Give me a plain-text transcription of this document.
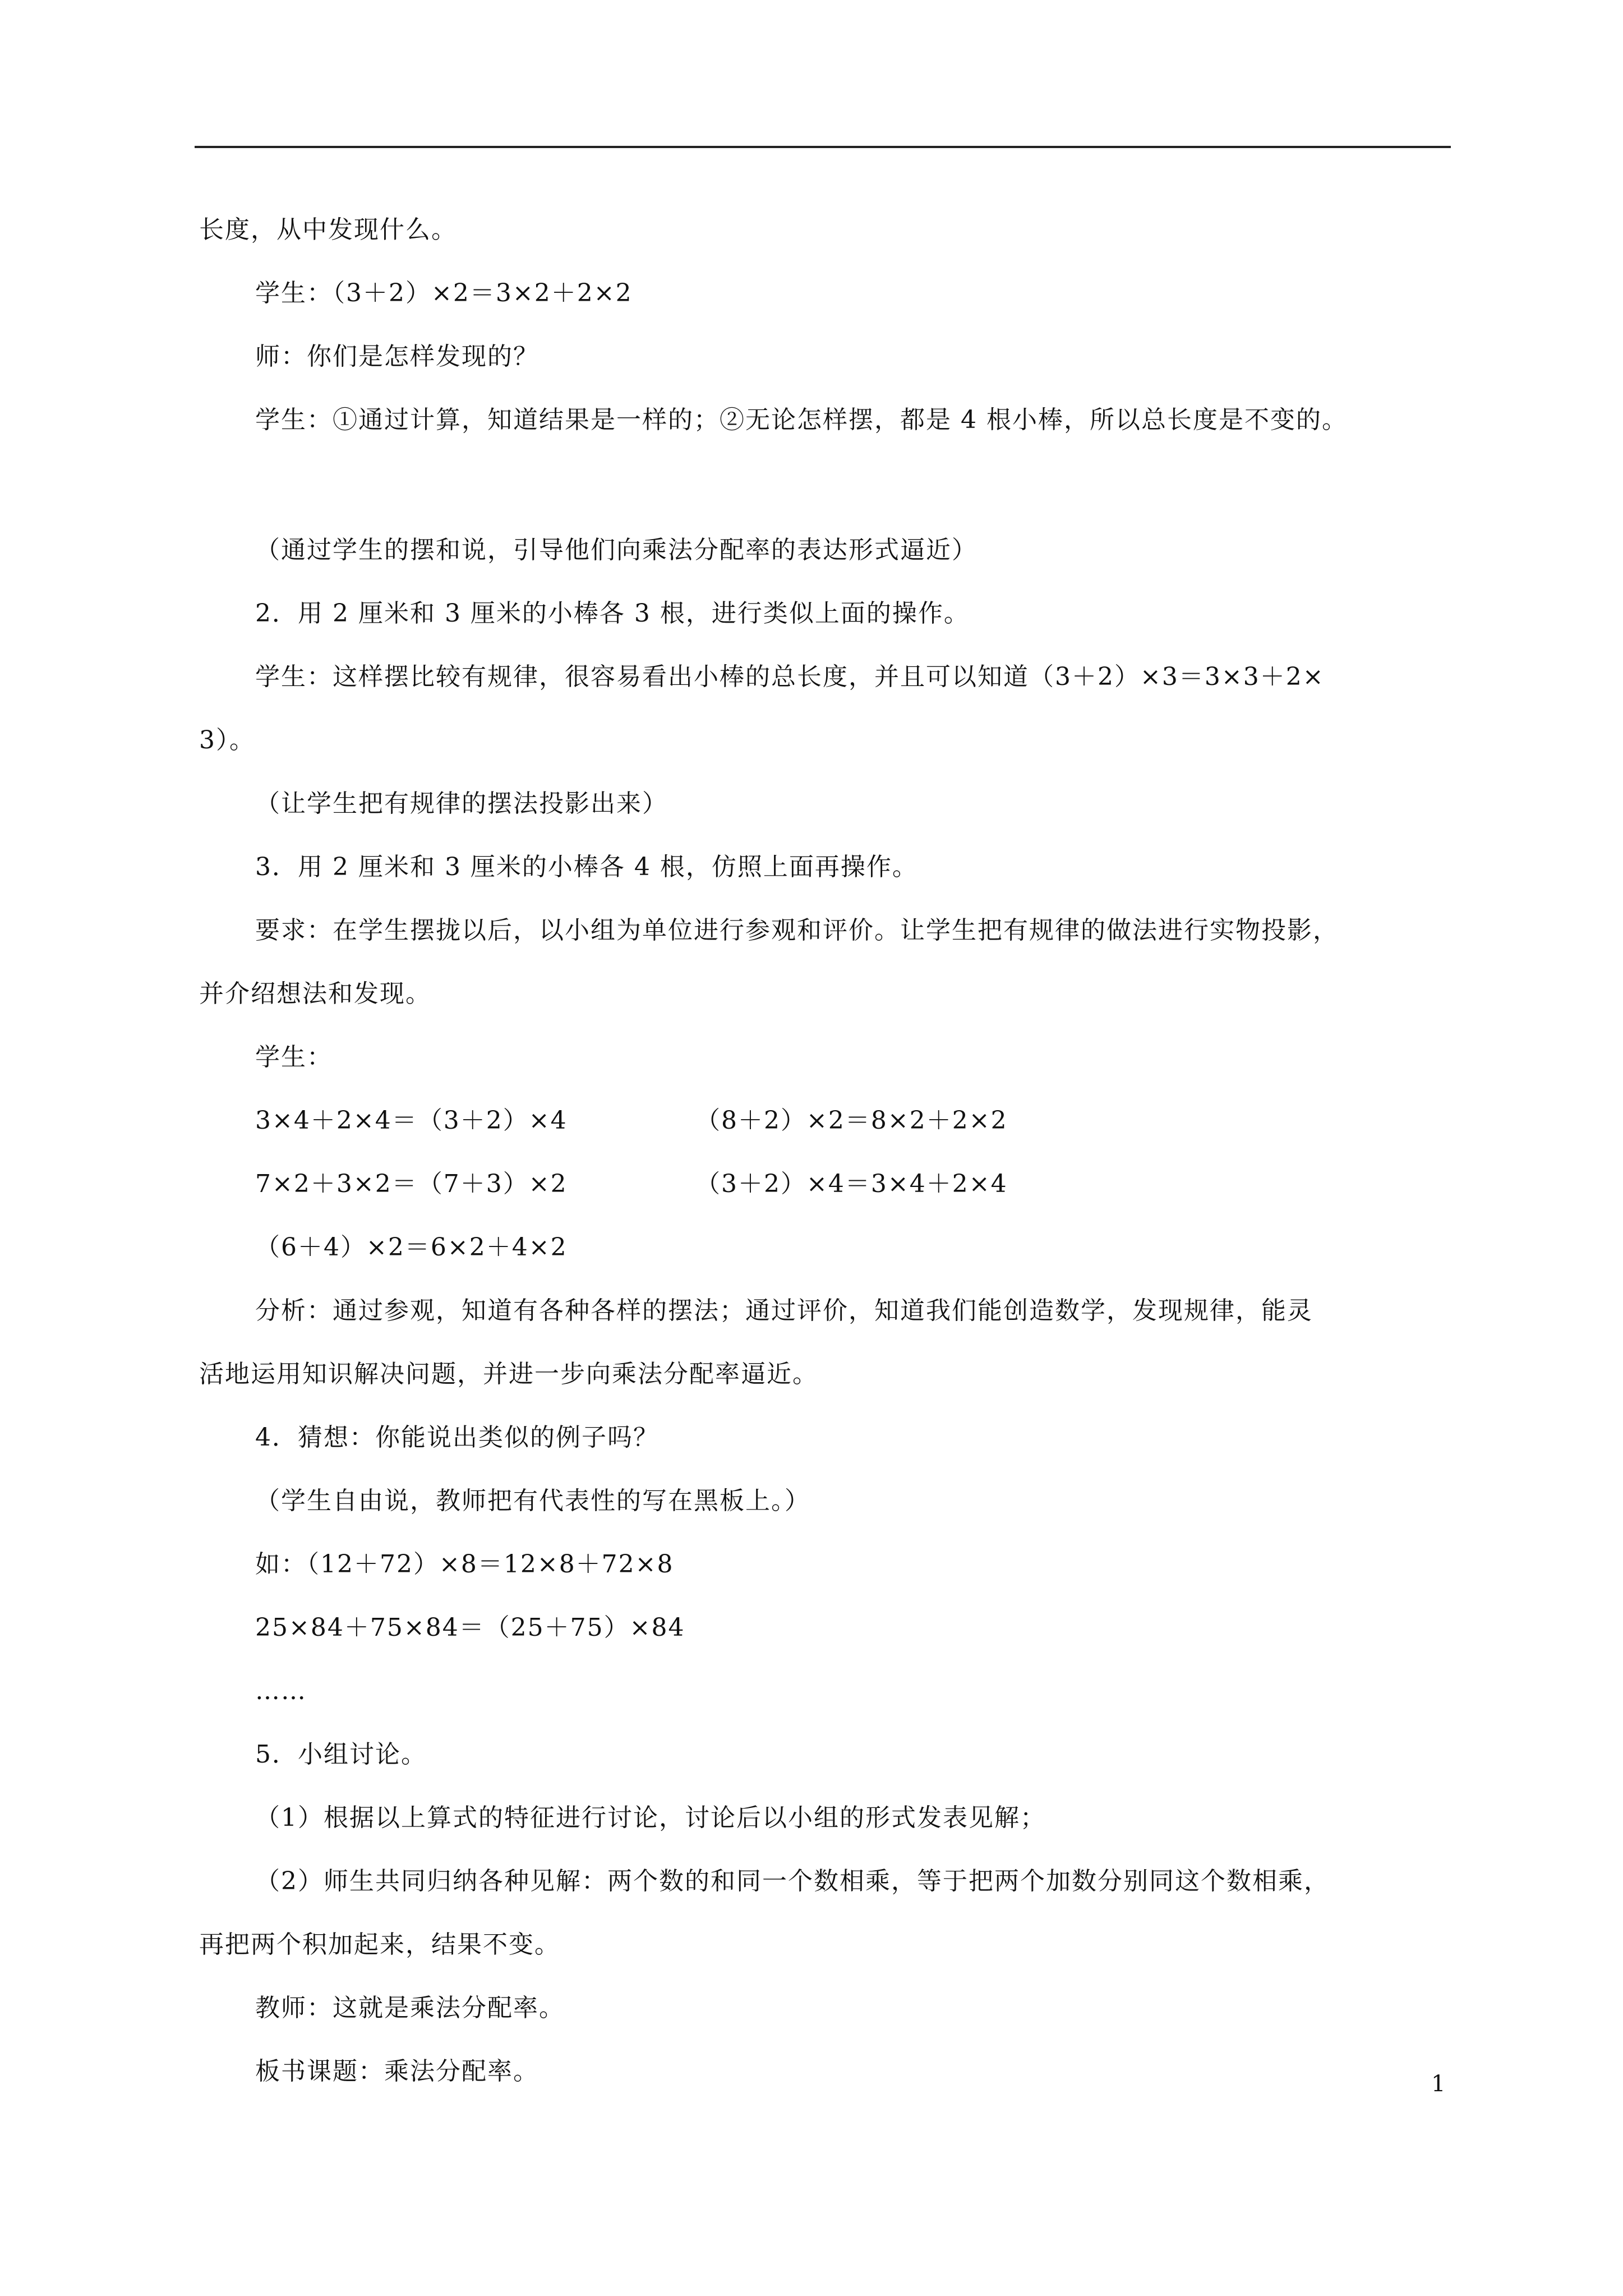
长度，从中发现什么。
学生：（3＋2）×2＝3×2＋2×2
师：你们是怎样发现的？
学生：①通过计算，知道结果是一样的；②无论怎样摆，都是 4 根小棒，所以总长度是不变的。
（通过学生的摆和说，引导他们向乘法分配率的表达形式逼近）
2．用 2 厘米和 3 厘米的小棒各 3 根，进行类似上面的操作。
学生：这样摆比较有规律，很容易看出小棒的总长度，并且可以知道（3＋2）×3＝3×3＋2×
3）。
（让学生把有规律的摆法投影出来）
3．用 2 厘米和 3 厘米的小棒各 4 根，仿照上面再操作。
要求：在学生摆拢以后，以小组为单位进行参观和评价。让学生把有规律的做法进行实物投影，
并介绍想法和发现。
学生：
3×4＋2×4＝（3＋2）×4	（8＋2）×2＝8×2＋2×2
7×2＋3×2＝（7＋3）×2	（3＋2）×4＝3×4＋2×4
（6＋4）×2＝6×2＋4×2
分析：通过参观，知道有各种各样的摆法；通过评价，知道我们能创造数学，发现规律，能灵
活地运用知识解决问题，并进一步向乘法分配率逼近。
4．猜想：你能说出类似的例子吗？
（学生自由说，教师把有代表性的写在黑板上。）
如：（12＋72）×8＝12×8＋72×8
25×84＋75×84＝（25＋75）×84
……
5．小组讨论。
（1）根据以上算式的特征进行讨论，讨论后以小组的形式发表见解；
（2）师生共同归纳各种见解：两个数的和同一个数相乘，等于把两个加数分别同这个数相乘，
再把两个积加起来，结果不变。
教师：这就是乘法分配率。
板书课题：乘法分配率。	1
